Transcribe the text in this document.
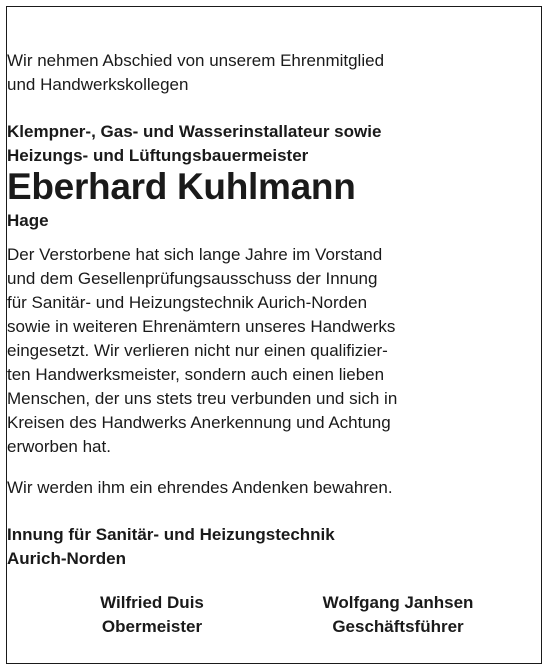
Wir nehmen Abschied von unserem Ehrenmitglied
und Handwerkskollegen
Klempner-, Gas- und Wasserinstallateur sowie
Heizungs- und Lüftungsbauermeister
Eberhard Kuhlmann
Hage
Der Verstorbene hat sich lange Jahre im Vorstand
und dem Gesellenprüfungsausschuss der Innung
für Sanitär- und Heizungstechnik Aurich-Norden
sowie in weiteren Ehrenämtern unseres Handwerks
eingesetzt. Wir verlieren nicht nur einen qualifizier-
ten Handwerksmeister, sondern auch einen lieben
Menschen, der uns stets treu verbunden und sich in
Kreisen des Handwerks Anerkennung und Achtung
erworben hat.
Wir werden ihm ein ehrendes Andenken bewahren.
Innung für Sanitär- und Heizungstechnik
Aurich-Norden
Wilfried Duis
Obermeister
Wolfgang Janhsen
Geschäftsführer
